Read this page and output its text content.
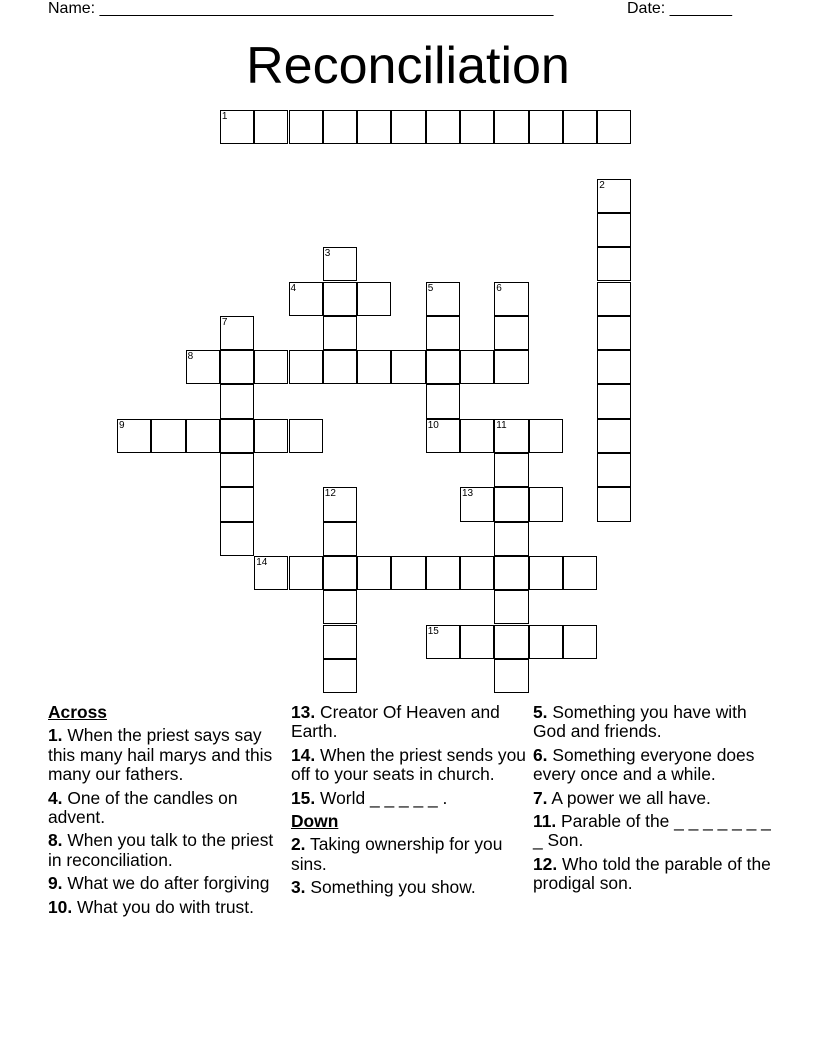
Name: ___________________________________________________	Date: _______
Reconciliation
1
2
3
4	5	6
7
8
9	10	11
12	13
14
15
Across
1. When the priest says say this many hail marys and this many our fathers.
4. One of the candles on advent.
8. When you talk to the priest in reconciliation.
9. What we do after forgiving
10. What you do with trust.
13. Creator Of Heaven and Earth.
14. When the priest sends you off to your seats in church.
15. World _ _ _ _ _ .
Down
2. Taking ownership for you sins.
3. Something you show.
5. Something you have with God and friends.
6. Something everyone does every once and a while.
7. A power we all have.
11. Parable of the _ _ _ _ _ _ _ _ Son.
12. Who told the parable of the prodigal son.
